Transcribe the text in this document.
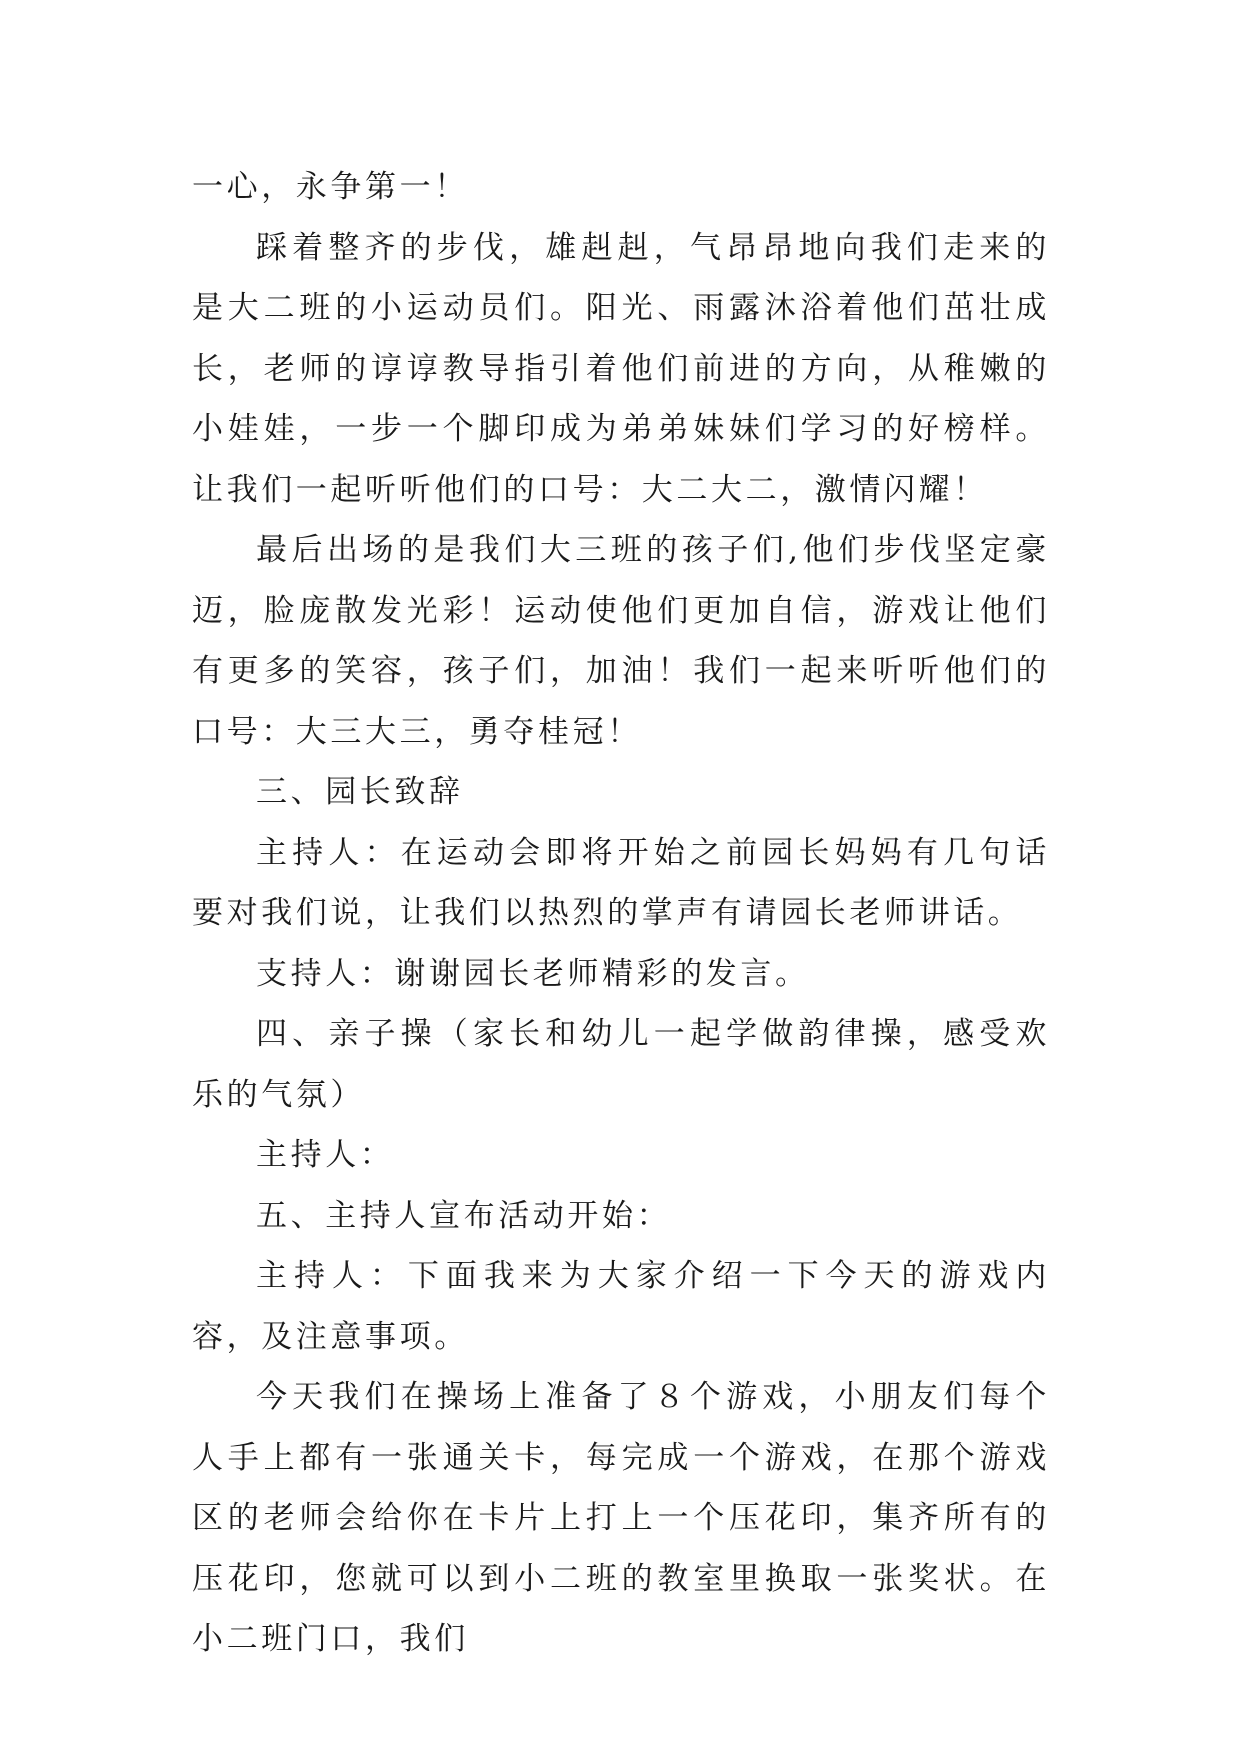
一心，永争第一！

踩着整齐的步伐，雄赳赳，气昂昂地向我们走来的是大二班的小运动员们。阳光、雨露沐浴着他们茁壮成长，老师的谆谆教导指引着他们前进的方向，从稚嫩的小娃娃，一步一个脚印成为弟弟妹妹们学习的好榜样。让我们一起听听他们的口号：大二大二，激情闪耀！

最后出场的是我们大三班的孩子们,他们步伐坚定豪迈，脸庞散发光彩！运动使他们更加自信，游戏让他们有更多的笑容，孩子们，加油！我们一起来听听他们的口号：大三大三，勇夺桂冠！

三、园长致辞

主持人：在运动会即将开始之前园长妈妈有几句话要对我们说，让我们以热烈的掌声有请园长老师讲话。

支持人：谢谢园长老师精彩的发言。

四、亲子操（家长和幼儿一起学做韵律操，感受欢乐的气氛）

主持人：

五、主持人宣布活动开始：

主持人：下面我来为大家介绍一下今天的游戏内容，及注意事项。

今天我们在操场上准备了８个游戏，小朋友们每个人手上都有一张通关卡，每完成一个游戏，在那个游戏区的老师会给你在卡片上打上一个压花印，集齐所有的压花印，您就可以到小二班的教室里换取一张奖状。在小二班门口，我们
